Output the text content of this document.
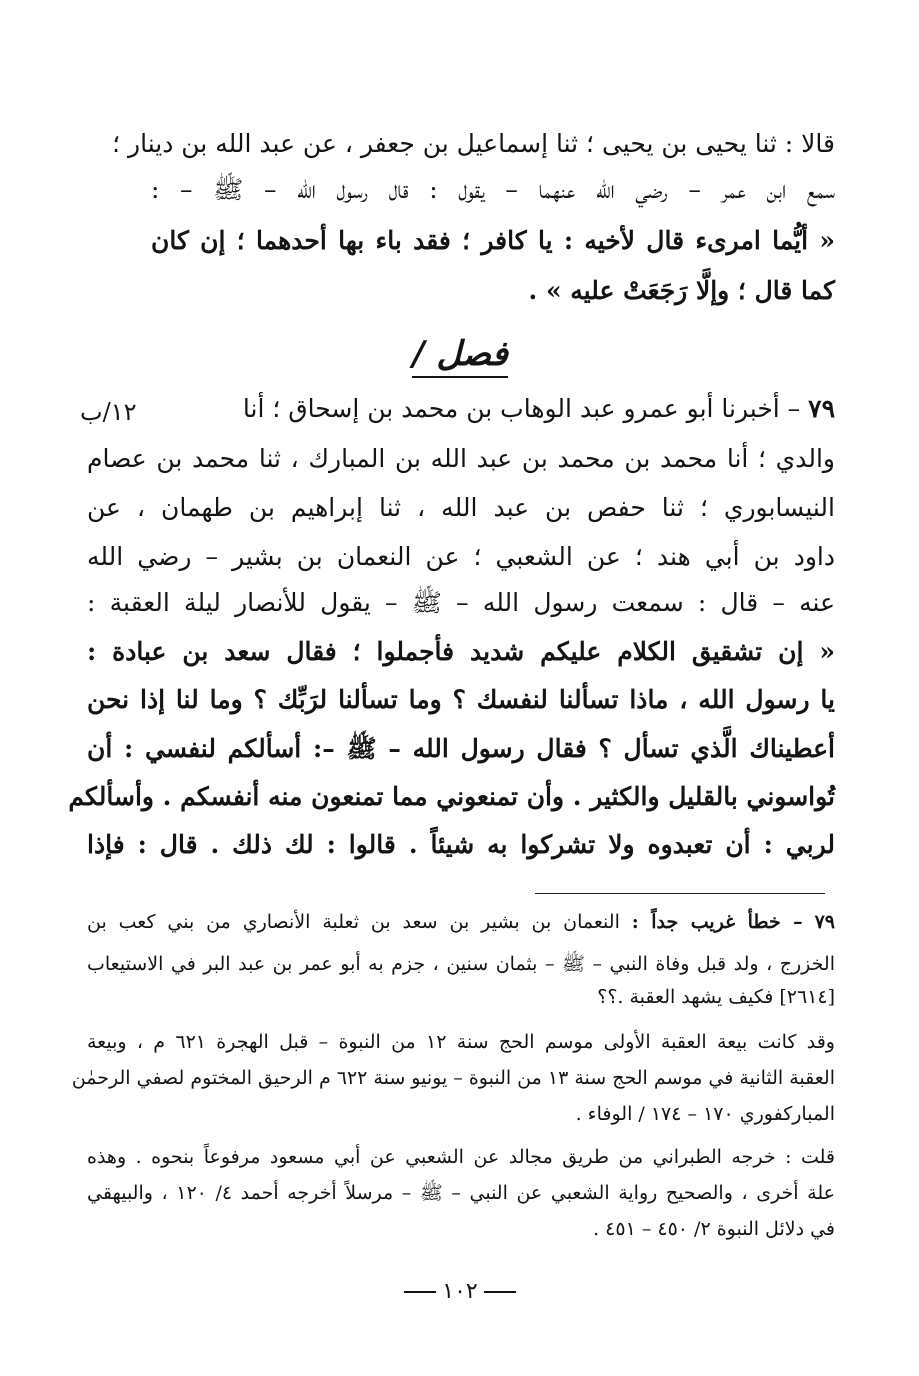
قالا : ثنا يحيى بن يحيى ؛ ثنا إسماعيل بن جعفر ، عن عبد الله بن دينار ؛
سمع ابن عمر – رضي الله عنهما – يقول : قال رسول الله – ﷺ – :
« أيُّما امرىء قال لأخيه : يا كافر ؛ فقد باء بها أحدهما ؛ إن كان
كما قال ؛ وإلَّا رَجَعَتْ عليه » .
فصل /
٧٩ – أخبرنا أبو عمرو عبد الوهاب بن محمد بن إسحاق ؛ أنا
١٢/ب
والدي ؛ أنا محمد بن محمد بن عبد الله بن المبارك ، ثنا محمد بن عصام
النيسابوري ؛ ثنا حفص بن عبد الله ، ثنا إبراهيم بن طهمان ، عن
داود بن أبي هند ؛ عن الشعبي ؛ عن النعمان بن بشير – رضي الله
عنه – قال : سمعت رسول الله – ﷺ – يقول للأنصار ليلة العقبة :
« إن تشقيق الكلام عليكم شديد فأجملوا ؛ فقال سعد بن عبادة :
يا رسول الله ، ماذا تسألنا لنفسك ؟ وما تسألنا لرَبِّك ؟ وما لنا إذا نحن
أعطيناك الَّذي تسأل ؟ فقال رسول الله – ﷺ –: أسألكم لنفسي : أن
تُواسوني بالقليل والكثير . وأن تمنعوني مما تمنعون منه أنفسكم . وأسألكم
لربي : أن تعبدوه ولا تشركوا به شيئاً . قالوا : لك ذلك . قال : فإذا
٧٩ – خطأ غريب جداً : النعمان بن بشير بن سعد بن ثعلبة الأنصاري من بني كعب بن
الخزرج ، ولد قبل وفاة النبي – ﷺ – بثمان سنين ، جزم به أبو عمر بن عبد البر في الاستيعاب
[٢٦١٤] فكيف يشهد العقبة .؟؟
وقد كانت بيعة العقبة الأولى موسم الحج سنة ١٢ من النبوة – قبل الهجرة ٦٢١ م ، وبيعة
العقبة الثانية في موسم الحج سنة ١٣ من النبوة – يونيو سنة ٦٢٢ م الرحيق المختوم لصفي الرحمٰن
المباركفوري ١٧٠ – ١٧٤ / الوفاء .
قلت : خرجه الطبراني من طريق مجالد عن الشعبي عن أبي مسعود مرفوعاً بنحوه . وهذه
علة أخرى ، والصحيح رواية الشعبي عن النبي – ﷺ – مرسلاً أخرجه أحمد ٤/ ١٢٠ ، والبيهقي
في دلائل النبوة ٢/ ٤٥٠ – ٤٥١ .
١٠٢
